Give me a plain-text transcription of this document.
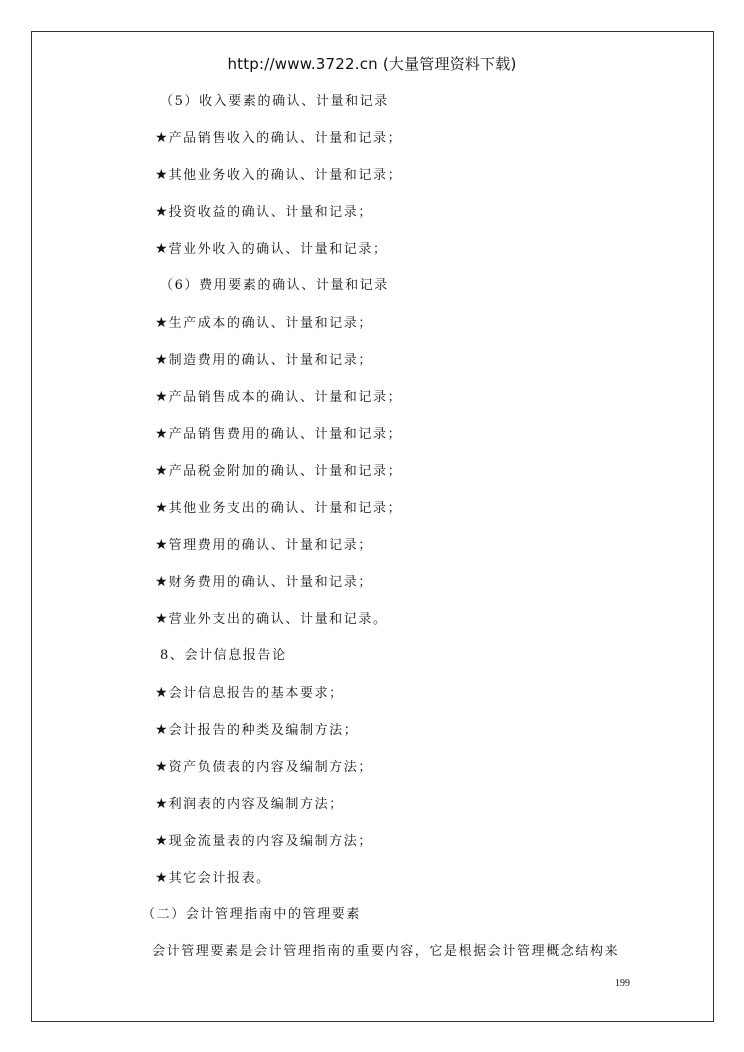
http://www.3722.cn (大量管理资料下载)
（5）收入要素的确认、计量和记录
★产品销售收入的确认、计量和记录；
★其他业务收入的确认、计量和记录；
★投资收益的确认、计量和记录；
★营业外收入的确认、计量和记录；
（6）费用要素的确认、计量和记录
★生产成本的确认、计量和记录；
★制造费用的确认、计量和记录；
★产品销售成本的确认、计量和记录；
★产品销售费用的确认、计量和记录；
★产品税金附加的确认、计量和记录；
★其他业务支出的确认、计量和记录；
★管理费用的确认、计量和记录；
★财务费用的确认、计量和记录；
★营业外支出的确认、计量和记录。
8、会计信息报告论
★会计信息报告的基本要求；
★会计报告的种类及编制方法；
★资产负债表的内容及编制方法；
★利润表的内容及编制方法；
★现金流量表的内容及编制方法；
★其它会计报表。
（二）会计管理指南中的管理要素
会计管理要素是会计管理指南的重要内容，它是根据会计管理概念结构来
199
